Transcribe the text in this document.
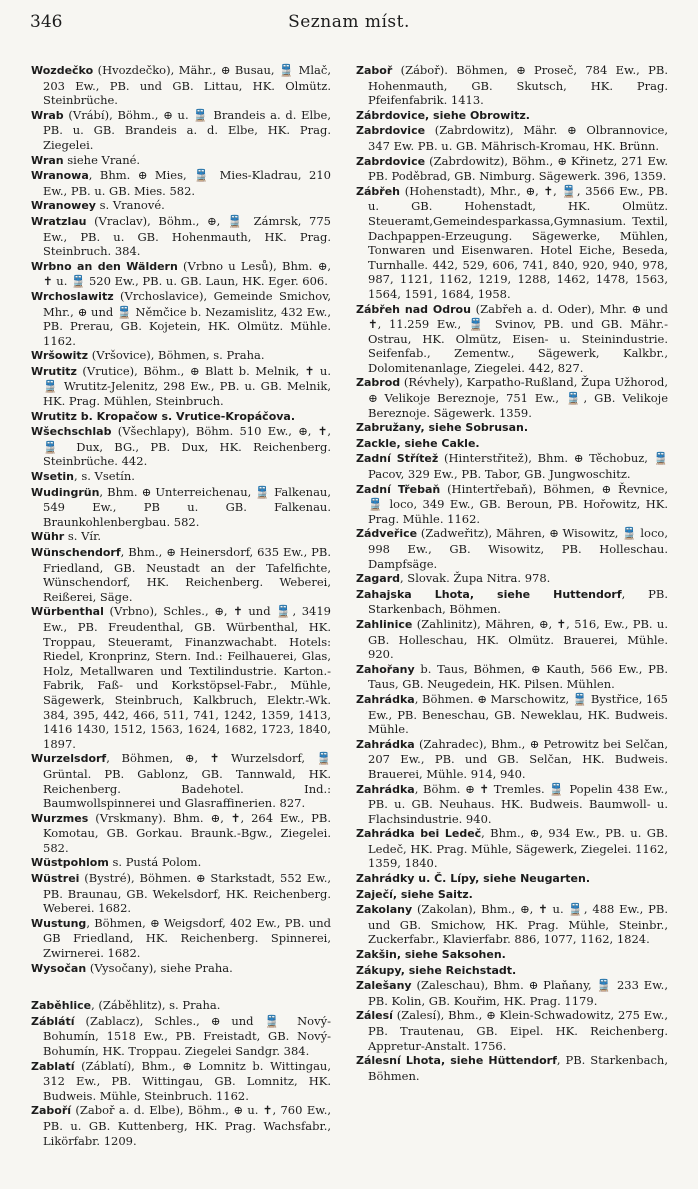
346	Seznam míst.

Wozdečko (Hvozdečko), Mähr., ⊕ Busau, 🚆 Mlač, 203 Ew., PB. und GB. Littau, HK. Olmütz. Steinbrüche.

Wrab (Vrábí), Böhm., ⊕ u. 🚆 Brandeis a. d. Elbe, PB. u. GB. Brandeis a. d. Elbe, HK. Prag. Ziegelei.

Wran siehe Vrané.

Wranowa, Bhm. ⊕ Mies, 🚆 Mies-Kladrau, 210 Ew., PB. u. GB. Mies. 582.

Wranowey s. Vranové.

Wratzlau (Vraclav), Böhm., ⊕, 🚆 Zámrsk, 775 Ew., PB. u. GB. Hohenmauth, HK. Prag. Steinbruch. 384.

Wrbno an den Wäldern (Vrbno u Lesů), Bhm. ⊕, ✝ u. 🚆 520 Ew., PB. u. GB. Laun, HK. Eger. 606.

Wrchoslawitz (Vrchoslavice), Gemeinde Smichov, Mhr., ⊕ und 🚆 Němčice b. Nezamislitz, 432 Ew., PB. Prerau, GB. Kojetein, HK. Olmütz. Mühle. 1162.

Wršowitz (Vršovice), Böhmen, s. Praha.

Wrutitz (Vrutice), Böhm., ⊕ Blatt b. Melnik, ✝ u. 🚆 Wrutitz-Jelenitz, 298 Ew., PB. u. GB. Melnik, HK. Prag. Mühlen, Steinbruch.

Wrutitz b. Kropačow s. Vrutice-Kropáčova.

Wšechschlab (Všechlapy), Böhm. 510 Ew., ⊕, ✝, 🚆 Dux, BG., PB. Dux, HK. Reichenberg. Steinbrüche. 442.

Wsetin, s. Vsetín.

Wudingrün, Bhm. ⊕ Unterreichenau, 🚆 Falkenau, 549 Ew., PB u. GB. Falkenau. Braunkohlenbergbau. 582.

Wühr s. Vír.

Wünschendorf, Bhm., ⊕ Heinersdorf, 635 Ew., PB. Friedland, GB. Neustadt an der Tafelfichte, Wünschendorf, HK. Reichenberg. Weberei, Reißerei, Säge.

Würbenthal (Vrbno), Schles., ⊕, ✝ und 🚆, 3419 Ew., PB. Freudenthal, GB. Würbenthal, HK. Troppau, Steueramt, Finanzwachabt. Hotels: Riedel, Kronprinz, Stern. Ind.: Feilhauerei, Glas, Holz, Metallwaren und Textilindustrie. Karton.-Fabrik, Faß- und Korkstöpsel-Fabr., Mühle, Sägewerk, Steinbruch, Kalkbruch, Elektr.-Wk. 384, 395, 442, 466, 511, 741, 1242, 1359, 1413, 1416 1430, 1512, 1563, 1624, 1682, 1723, 1840, 1897.

Wurzelsdorf, Böhmen, ⊕, ✝ Wurzelsdorf, 🚆 Grüntal. PB. Gablonz, GB. Tannwald, HK. Reichenberg. Badehotel. Ind.: Baumwollspinnerei und Glasraffinerien. 827.

Wurzmes (Vrskmany). Bhm. ⊕, ✝, 264 Ew., PB. Komotau, GB. Gorkau. Braunk.-Bgw., Ziegelei. 582.

Wüstpohlom s. Pustá Polom.

Wüstrei (Bystré), Böhmen. ⊕ Starkstadt, 552 Ew., PB. Braunau, GB. Wekelsdorf, HK. Reichenberg. Weberei. 1682.

Wustung, Böhmen, ⊕ Weigsdorf, 402 Ew., PB. und GB Friedland, HK. Reichenberg. Spinnerei, Zwirnerei. 1682.

Wysočan (Vysočany), siehe Praha.

Zaběhlice, (Záběhlitz), s. Praha.

Záblátí (Zablacz), Schles., ⊕ und 🚆 Nový-Bohumín, 1518 Ew., PB. Freistadt, GB. Nový-Bohumín, HK. Troppau. Ziegelei Sandgr. 384.

Zablatí (Záblatí), Bhm., ⊕ Lomnitz b. Wittingau, 312 Ew., PB. Wittingau, GB. Lomnitz, HK. Budweis. Mühle, Steinbruch. 1162.

Zaboří (Zaboř a. d. Elbe), Böhm., ⊕ u. ✝, 760 Ew., PB. u. GB. Kuttenberg, HK. Prag. Wachsfabr., Likörfabr. 1209.

Zaboř (Záboř). Böhmen, ⊕ Proseč, 784 Ew., PB. Hohenmauth, GB. Skutsch, HK. Prag. Pfeifenfabrik. 1413.

Zábrdovice, siehe Obrowitz.

Zabrdovice (Zabrdowitz), Mähr. ⊕ Olbrannovice, 347 Ew. PB. u. GB. Mährisch-Kromau, HK. Brünn.

Zabrdovice (Zabrdowitz), Böhm., ⊕ Křinetz, 271 Ew. PB. Poděbrad, GB. Nimburg. Sägewerk. 396, 1359.

Zábřeh (Hohenstadt), Mhr., ⊕, ✝, 🚆, 3566 Ew., PB. u. GB. Hohenstadt, HK. Olmütz. Steueramt,Gemeindesparkassa,Gymnasium. Textil, Dachpappen-Erzeugung. Sägewerke, Mühlen, Tonwaren und Eisenwaren. Hotel Eiche, Beseda, Turnhalle. 442, 529, 606, 741, 840, 920, 940, 978, 987, 1121, 1162, 1219, 1288, 1462, 1478, 1563, 1564, 1591, 1684, 1958.

Zábřeh nad Odrou (Zabřeh a. d. Oder), Mhr. ⊕ und ✝, 11.259 Ew., 🚆 Svinov, PB. und GB. Mähr.-Ostrau, HK. Olmütz, Eisen- u. Steinindustrie. Seifenfab., Zementw., Sägewerk, Kalkbr., Dolomitenanlage, Ziegelei. 442, 827.

Zabrod (Révhely), Karpatho-Rußland, Župa Užhorod, ⊕ Velikoje Bereznoje, 751 Ew., 🚆, GB. Velikoje Bereznoje. Sägewerk. 1359.

Zabružany, siehe Sobrusan.

Zackle, siehe Cakle.

Zadní Střítež (Hinterstřitež), Bhm. ⊕ Těchobuz, 🚆 Pacov, 329 Ew., PB. Tabor, GB. Jungwoschitz.

Zadní Třebaň (Hintertřebaň), Böhmen, ⊕ Řevnice, 🚆 loco, 349 Ew., GB. Beroun, PB. Hořowitz, HK. Prag. Mühle. 1162.

Zádveřice (Zadweřitz), Mähren, ⊕ Wisowitz, 🚆 loco, 998 Ew., GB. Wisowitz, PB. Holleschau. Dampfsäge.

Zagard, Slovak. Župa Nitra. 978.

Zahajska Lhota, siehe Huttendorf, PB. Starkenbach, Böhmen.

Zahlinice (Zahlinitz), Mähren, ⊕, ✝, 516, Ew., PB. u. GB. Holleschau, HK. Olmütz. Brauerei, Mühle. 920.

Zahořany b. Taus, Böhmen, ⊕ Kauth, 566 Ew., PB. Taus, GB. Neugedein, HK. Pilsen. Mühlen.

Zahrádka, Böhmen. ⊕ Marschowitz, 🚆 Bystřice, 165 Ew., PB. Beneschau, GB. Neweklau, HK. Budweis. Mühle.

Zahrádka (Zahradec), Bhm., ⊕ Petrowitz bei Selčan, 207 Ew., PB. und GB. Selčan, HK. Budweis. Brauerei, Mühle. 914, 940.

Zahrádka, Böhm. ⊕ ✝ Tremles. 🚆 Popelin 438 Ew., PB. u. GB. Neuhaus. HK. Budweis. Baumwoll- u. Flachsindustrie. 940.

Zahrádka bei Ledeč, Bhm., ⊕, 934 Ew., PB. u. GB. Ledeč, HK. Prag. Mühle, Sägewerk, Ziegelei. 1162, 1359, 1840.

Zahrádky u. Č. Lípy, siehe Neugarten.

Zaječí, siehe Saitz.

Zakolany (Zakolan), Bhm., ⊕, ✝ u. 🚆, 488 Ew., PB. und GB. Smichow, HK. Prag. Mühle, Steinbr., Zuckerfabr., Klavierfabr. 886, 1077, 1162, 1824.

Zakšin, siehe Saksohen.

Zákupy, siehe Reichstadt.

Zalešany (Zaleschau), Bhm. ⊕ Plaňany, 🚆 233 Ew., PB. Kolin, GB. Kouřim, HK. Prag. 1179.

Zálesí (Zalesí), Bhm., ⊕ Klein-Schwadowitz, 275 Ew., PB. Trautenau, GB. Eipel. HK. Reichenberg. Appretur-Anstalt. 1756.

Zálesní Lhota, siehe Hüttendorf, PB. Starkenbach, Böhmen.
